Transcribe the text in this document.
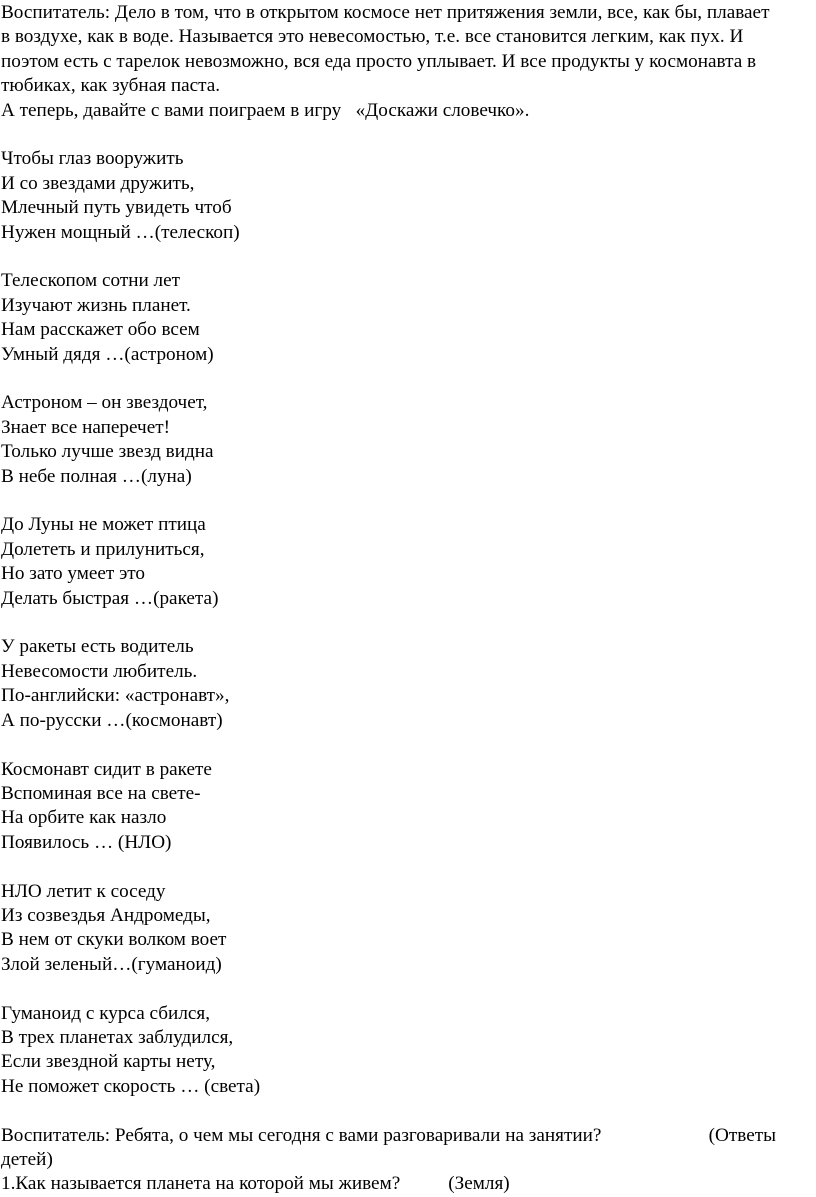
Воспитатель: Дело в том, что в открытом космосе нет притяжения земли, все, как бы, плавает в воздухе, как в воде. Называется это невесомостью, т.е. все становится легким, как пух. И поэтом есть с тарелок невозможно, вся еда просто уплывает. И все продукты у космонавта в тюбиках, как зубная паста.

А теперь, давайте с вами поиграем в игру   «Доскажи словечко».

Чтобы глаз вооружить
И со звездами дружить,
Млечный путь увидеть чтоб
Нужен мощный …(телескоп)
Телескопом сотни лет
Изучают жизнь планет.
Нам расскажет обо всем
Умный дядя …(астроном)
Астроном – он звездочет,
Знает все наперечет!
Только лучше звезд видна
В небе полная …(луна)
До Луны не может птица
Долететь и прилуниться,
Но зато умеет это
Делать быстрая …(ракета)
У ракеты есть водитель
Невесомости любитель.
По-английски: «астронавт»,
А по-русски …(космонавт)
Космонавт сидит в ракете
Вспоминая все на свете-
На орбите как назло
Появилось … (НЛО)
НЛО летит к соседу
Из созвездья Андромеды,
В нем от скуки волком воет
Злой зеленый…(гуманоид)
Гуманоид с курса сбился,
В трех планетах заблудился,
Если звездной карты нету,
Не поможет скорость … (света)
Воспитатель: Ребята, о чем мы сегодня с вами разговаривали на занятии?	(Ответы
детей)
1.Как называется планета на которой мы живем?	(Земля)
